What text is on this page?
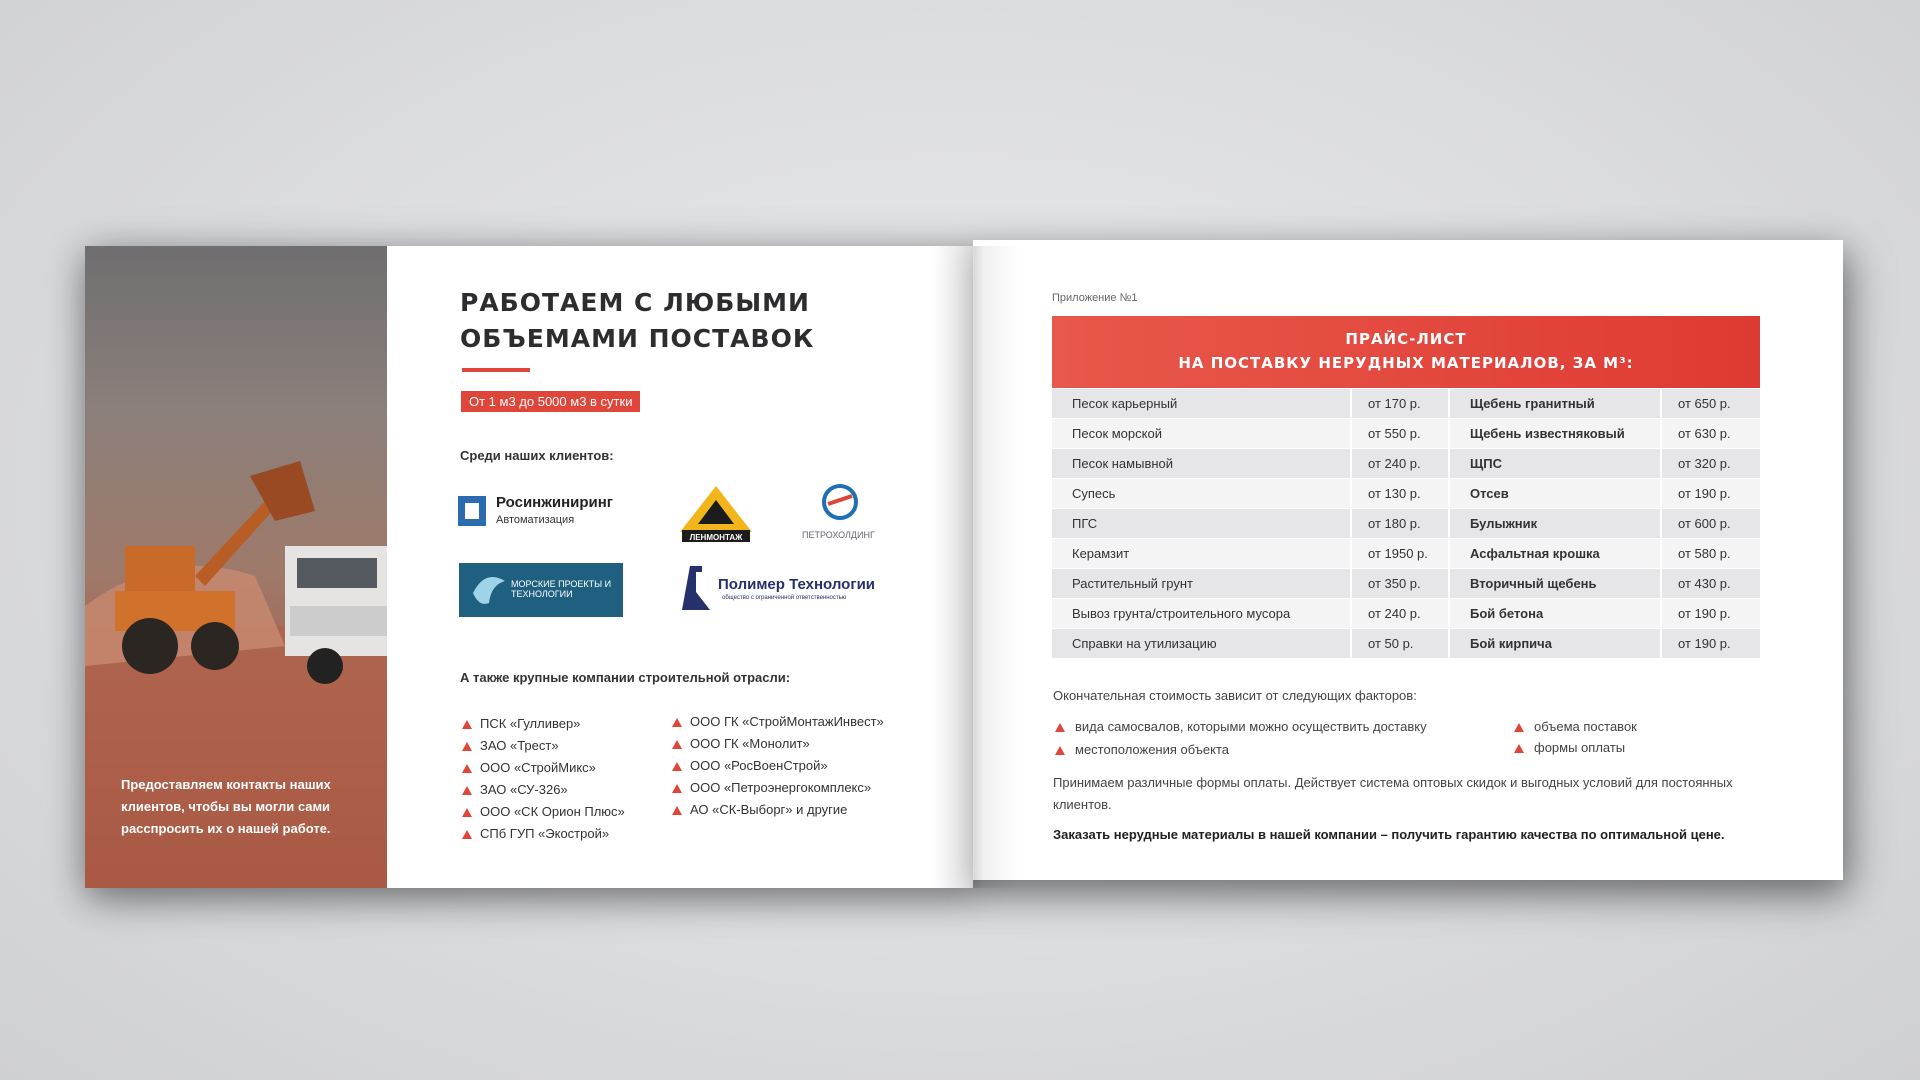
Предоставляем контакты наших клиентов, чтобы вы могли сами расспросить их о нашей работе.
РАБОТАЕМ С ЛЮБЫМИ
ОБЪЕМАМИ ПОСТАВОК
От 1 м3 до 5000 м3 в сутки
Среди наших клиентов:
Росинжиниринг
Автоматизация
ЛЕНМОНТАЖ	ПЕТРОХОЛДИНГ
МОРСКИЕ ПРОЕКТЫ И ТЕХНОЛОГИИ
Полимер Технологии
общество с ограниченной ответственностью
А также крупные компании строительной отрасли:
ПСК «Гулливер»
ЗАО «Трест»
ООО «СтройМикс»
ЗАО «СУ-326»
ООО «СК Орион Плюс»
СПб ГУП «Экострой»
ООО ГК «СтройМонтажИнвест»
ООО ГК «Монолит»
ООО «РосВоенСтрой»
ООО «Петроэнергокомплекс»
АО «СК-Выборг» и другие
Приложение №1
ПРАЙС-ЛИСТ
НА ПОСТАВКУ НЕРУДНЫХ МАТЕРИАЛОВ, ЗА М³:
Песок карьерный	от 170 р.	Щебень гранитный	от 650 р.
Песок морской	от 550 р.	Щебень известняковый	от 630 р.
Песок намывной	от 240 р.	ЩПС	от 320 р.
Супесь	от 130 р.	Отсев	от 190 р.
ПГС	от 180 р.	Булыжник	от 600 р.
Керамзит	от 1950 р.	Асфальтная крошка	от 580 р.
Растительный грунт	от 350 р.	Вторичный щебень	от 430 р.
Вывоз грунта/строительного мусора	от 240 р.	Бой бетона	от 190 р.
Справки на утилизацию	от 50 р.	Бой кирпича	от 190 р.
Окончательная стоимость зависит от следующих факторов:
вида самосвалов, которыми можно осуществить доставку
местоположения объекта
объема поставок
формы оплаты
Принимаем различные формы оплаты. Действует система оптовых скидок и выгодных условий для постоянных клиентов.
Заказать нерудные материалы в нашей компании – получить гарантию качества по оптимальной цене.
